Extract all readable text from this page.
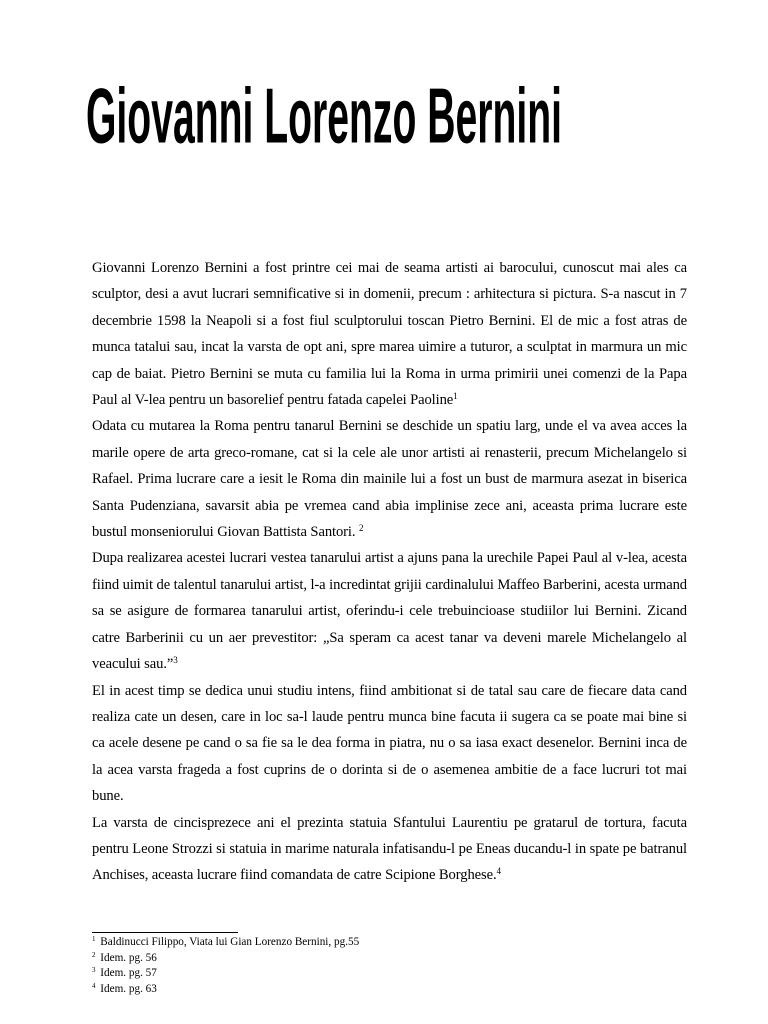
Giovanni Lorenzo Bernini

Giovanni Lorenzo Bernini a fost printre cei mai de seama artisti ai barocului, cunoscut mai ales ca sculptor, desi a avut lucrari semnificative si in domenii, precum : arhitectura si pictura. S-a nascut in 7 decembrie 1598 la Neapoli si a fost fiul sculptorului toscan Pietro Bernini. El de mic a fost atras de munca tatalui sau, incat la varsta de opt ani, spre marea uimire a tuturor, a sculptat in marmura un mic cap de baiat. Pietro Bernini se muta cu familia lui la Roma in urma primirii unei comenzi de la Papa Paul al V-lea pentru un basorelief pentru fatada capelei Paoline$^1$

Odata cu mutarea la Roma pentru tanarul Bernini se deschide un spatiu larg, unde el va avea acces la marile opere de arta greco-romane, cat si la cele ale unor artisti ai renasterii, precum Michelangelo si Rafael. Prima lucrare care a iesit le Roma din mainile lui a fost un bust de marmura asezat in biserica Santa Pudenziana, savarsit abia pe vremea cand abia implinise zece ani, aceasta prima lucrare este bustul monseniorului Giovan Battista Santori. $^2$

Dupa realizarea acestei lucrari vestea tanarului artist a ajuns pana la urechile Papei Paul al v-lea, acesta fiind uimit de talentul tanarului artist, l-a incredintat grijii cardinalului Maffeo Barberini, acesta urmand sa se asigure de formarea tanarului artist, oferindu-i cele trebuincioase studiilor lui Bernini. Zicand catre Barberinii cu un aer prevestitor: „Sa speram ca acest tanar va deveni marele Michelangelo al veacului sau.”$^3$

El in acest timp se dedica unui studiu intens, fiind ambitionat si de tatal sau care de fiecare data cand realiza cate un desen, care in loc sa-l laude pentru munca bine facuta ii sugera ca se poate mai bine si ca acele desene pe cand o sa fie sa le dea forma in piatra, nu o sa iasa exact desenelor. Bernini inca de la acea varsta frageda a fost cuprins de o dorinta si de o asemenea ambitie de a face lucruri tot mai bune.

La varsta de cincisprezece ani el prezinta statuia Sfantului Laurentiu pe gratarul de tortura, facuta pentru Leone Strozzi si statuia in marime naturala infatisandu-l pe Eneas ducandu-l in spate pe batranul Anchises, aceasta lucrare fiind comandata de catre Scipione Borghese.$^4$

$^1$ Baldinucci Filippo, Viata lui Gian Lorenzo Bernini, pg.55
$^2$ Idem. pg. 56
$^3$ Idem. pg. 57
$^4$ Idem. pg. 63
